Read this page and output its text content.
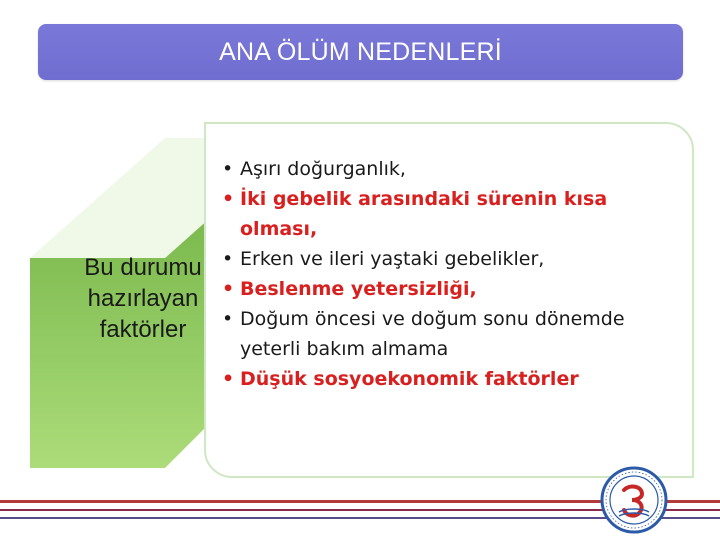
ANA ÖLÜM NEDENLERİ
Bu durumu
hazırlayan
faktörler
• Aşırı doğurganlık,
• İki gebelik arasındaki sürenin kısa olması,
• Erken ve ileri yaştaki gebelikler,
• Beslenme yetersizliği,
• Doğum öncesi ve doğum sonu dönemde yeterli bakım almama
• Düşük sosyoekonomik faktörler
